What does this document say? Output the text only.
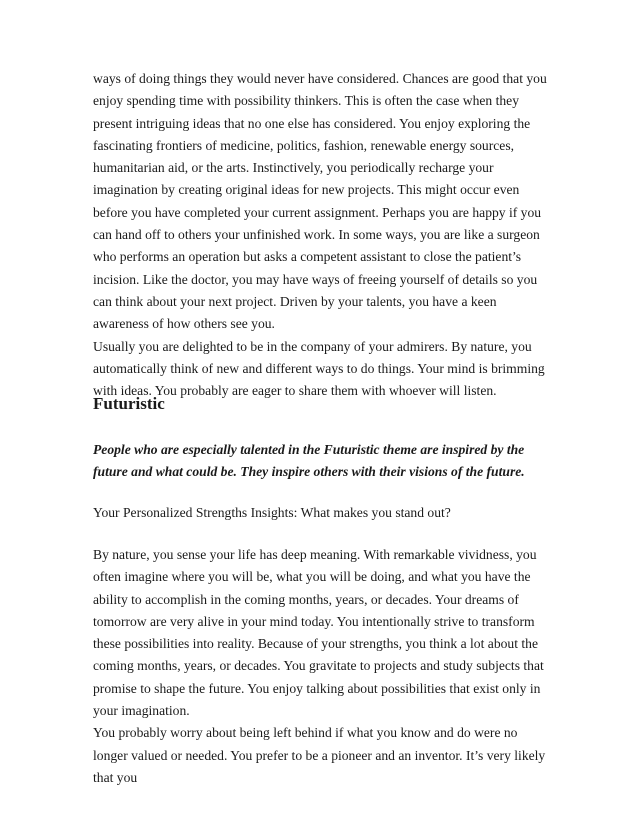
ways of doing things they would never have considered. Chances are good that you enjoy spending time with possibility thinkers. This is often the case when they present intriguing ideas that no one else has considered. You enjoy exploring the fascinating frontiers of medicine, politics, fashion, renewable energy sources, humanitarian aid, or the arts. Instinctively, you periodically recharge your imagination by creating original ideas for new projects. This might occur even before you have completed your current assignment. Perhaps you are happy if you can hand off to others your unfinished work. In some ways, you are like a surgeon who performs an operation but asks a competent assistant to close the patient’s incision. Like the doctor, you may have ways of freeing yourself of details so you can think about your next project. Driven by your talents, you have a keen awareness of how others see you.

Usually you are delighted to be in the company of your admirers. By nature, you automatically think of new and different ways to do things. Your mind is brimming with ideas. You probably are eager to share them with whoever will listen.

Futuristic

People who are especially talented in the Futuristic theme are inspired by the future and what could be. They inspire others with their visions of the future.

Your Personalized Strengths Insights: What makes you stand out?

By nature, you sense your life has deep meaning. With remarkable vividness, you often imagine where you will be, what you will be doing, and what you have the ability to accomplish in the coming months, years, or decades. Your dreams of tomorrow are very alive in your mind today. You intentionally strive to transform these possibilities into reality. Because of your strengths, you think a lot about the coming months, years, or decades. You gravitate to projects and study subjects that promise to shape the future. You enjoy talking about possibilities that exist only in your imagination.

You probably worry about being left behind if what you know and do were no longer valued or needed. You prefer to be a pioneer and an inventor. It’s very likely that you
